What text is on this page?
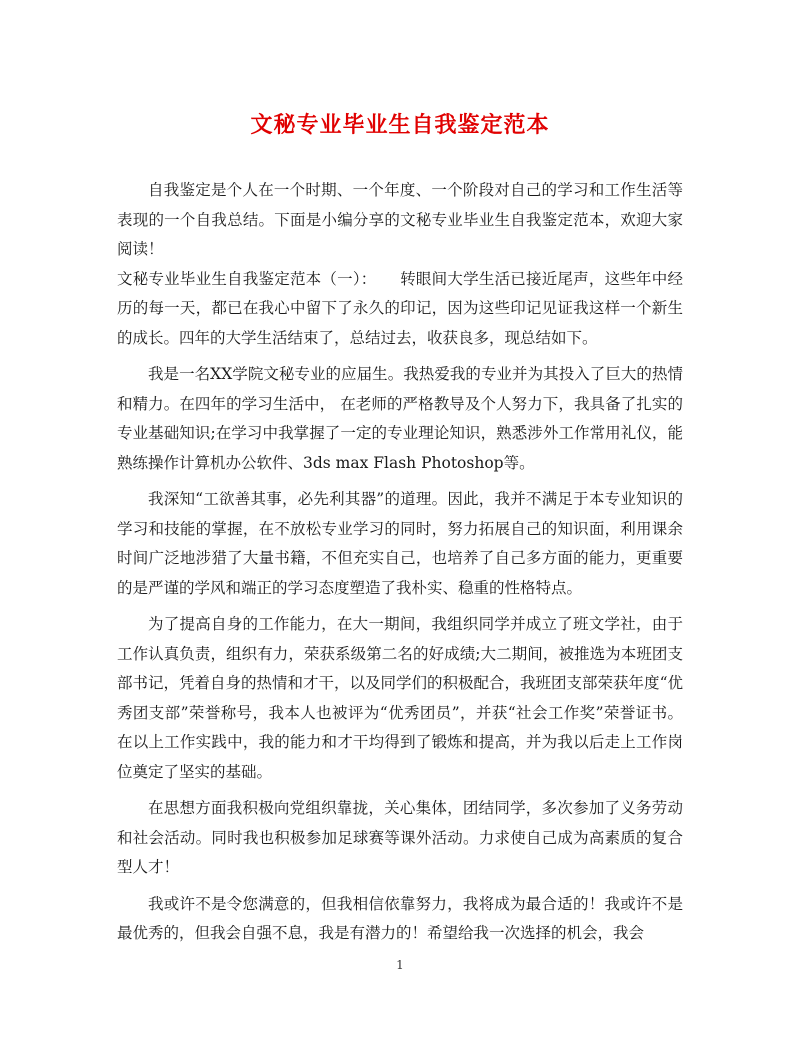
文秘专业毕业生自我鉴定范本

自我鉴定是个人在一个时期、一个年度、一个阶段对自己的学习和工作生活等表现的一个自我总结。下面是小编分享的文秘专业毕业生自我鉴定范本，欢迎大家阅读！

文秘专业毕业生自我鉴定范本（一）：　　转眼间大学生活已接近尾声，这些年中经历的每一天，都已在我心中留下了永久的印记，因为这些印记见证我这样一个新生的成长。四年的大学生活结束了，总结过去，收获良多，现总结如下。

我是一名XX学院文秘专业的应届生。我热爱我的专业并为其投入了巨大的热情和精力。在四年的学习生活中， 在老师的严格教导及个人努力下，我具备了扎实的专业基础知识;在学习中我掌握了一定的专业理论知识，熟悉涉外工作常用礼仪，能熟练操作计算机办公软件、3ds max Flash Photoshop等。

我深知“工欲善其事，必先利其器”的道理。因此，我并不满足于本专业知识的学习和技能的掌握，在不放松专业学习的同时，努力拓展自己的知识面，利用课余时间广泛地涉猎了大量书籍，不但充实自己，也培养了自己多方面的能力，更重要的是严谨的学风和端正的学习态度塑造了我朴实、稳重的性格特点。

为了提高自身的工作能力，在大一期间，我组织同学并成立了班文学社，由于工作认真负责，组织有力，荣获系级第二名的好成绩;大二期间，被推选为本班团支部书记，凭着自身的热情和才干，以及同学们的积极配合，我班团支部荣获年度“优秀团支部”荣誉称号，我本人也被评为“优秀团员”，并获“社会工作奖”荣誉证书。在以上工作实践中，我的能力和才干均得到了锻炼和提高，并为我以后走上工作岗位奠定了坚实的基础。

在思想方面我积极向党组织靠拢，关心集体，团结同学，多次参加了义务劳动和社会活动。同时我也积极参加足球赛等课外活动。力求使自己成为高素质的复合型人才！

我或许不是令您满意的，但我相信依靠努力，我将成为最合适的！我或许不是最优秀的，但我会自强不息，我是有潜力的！希望给我一次选择的机会，我会

1
